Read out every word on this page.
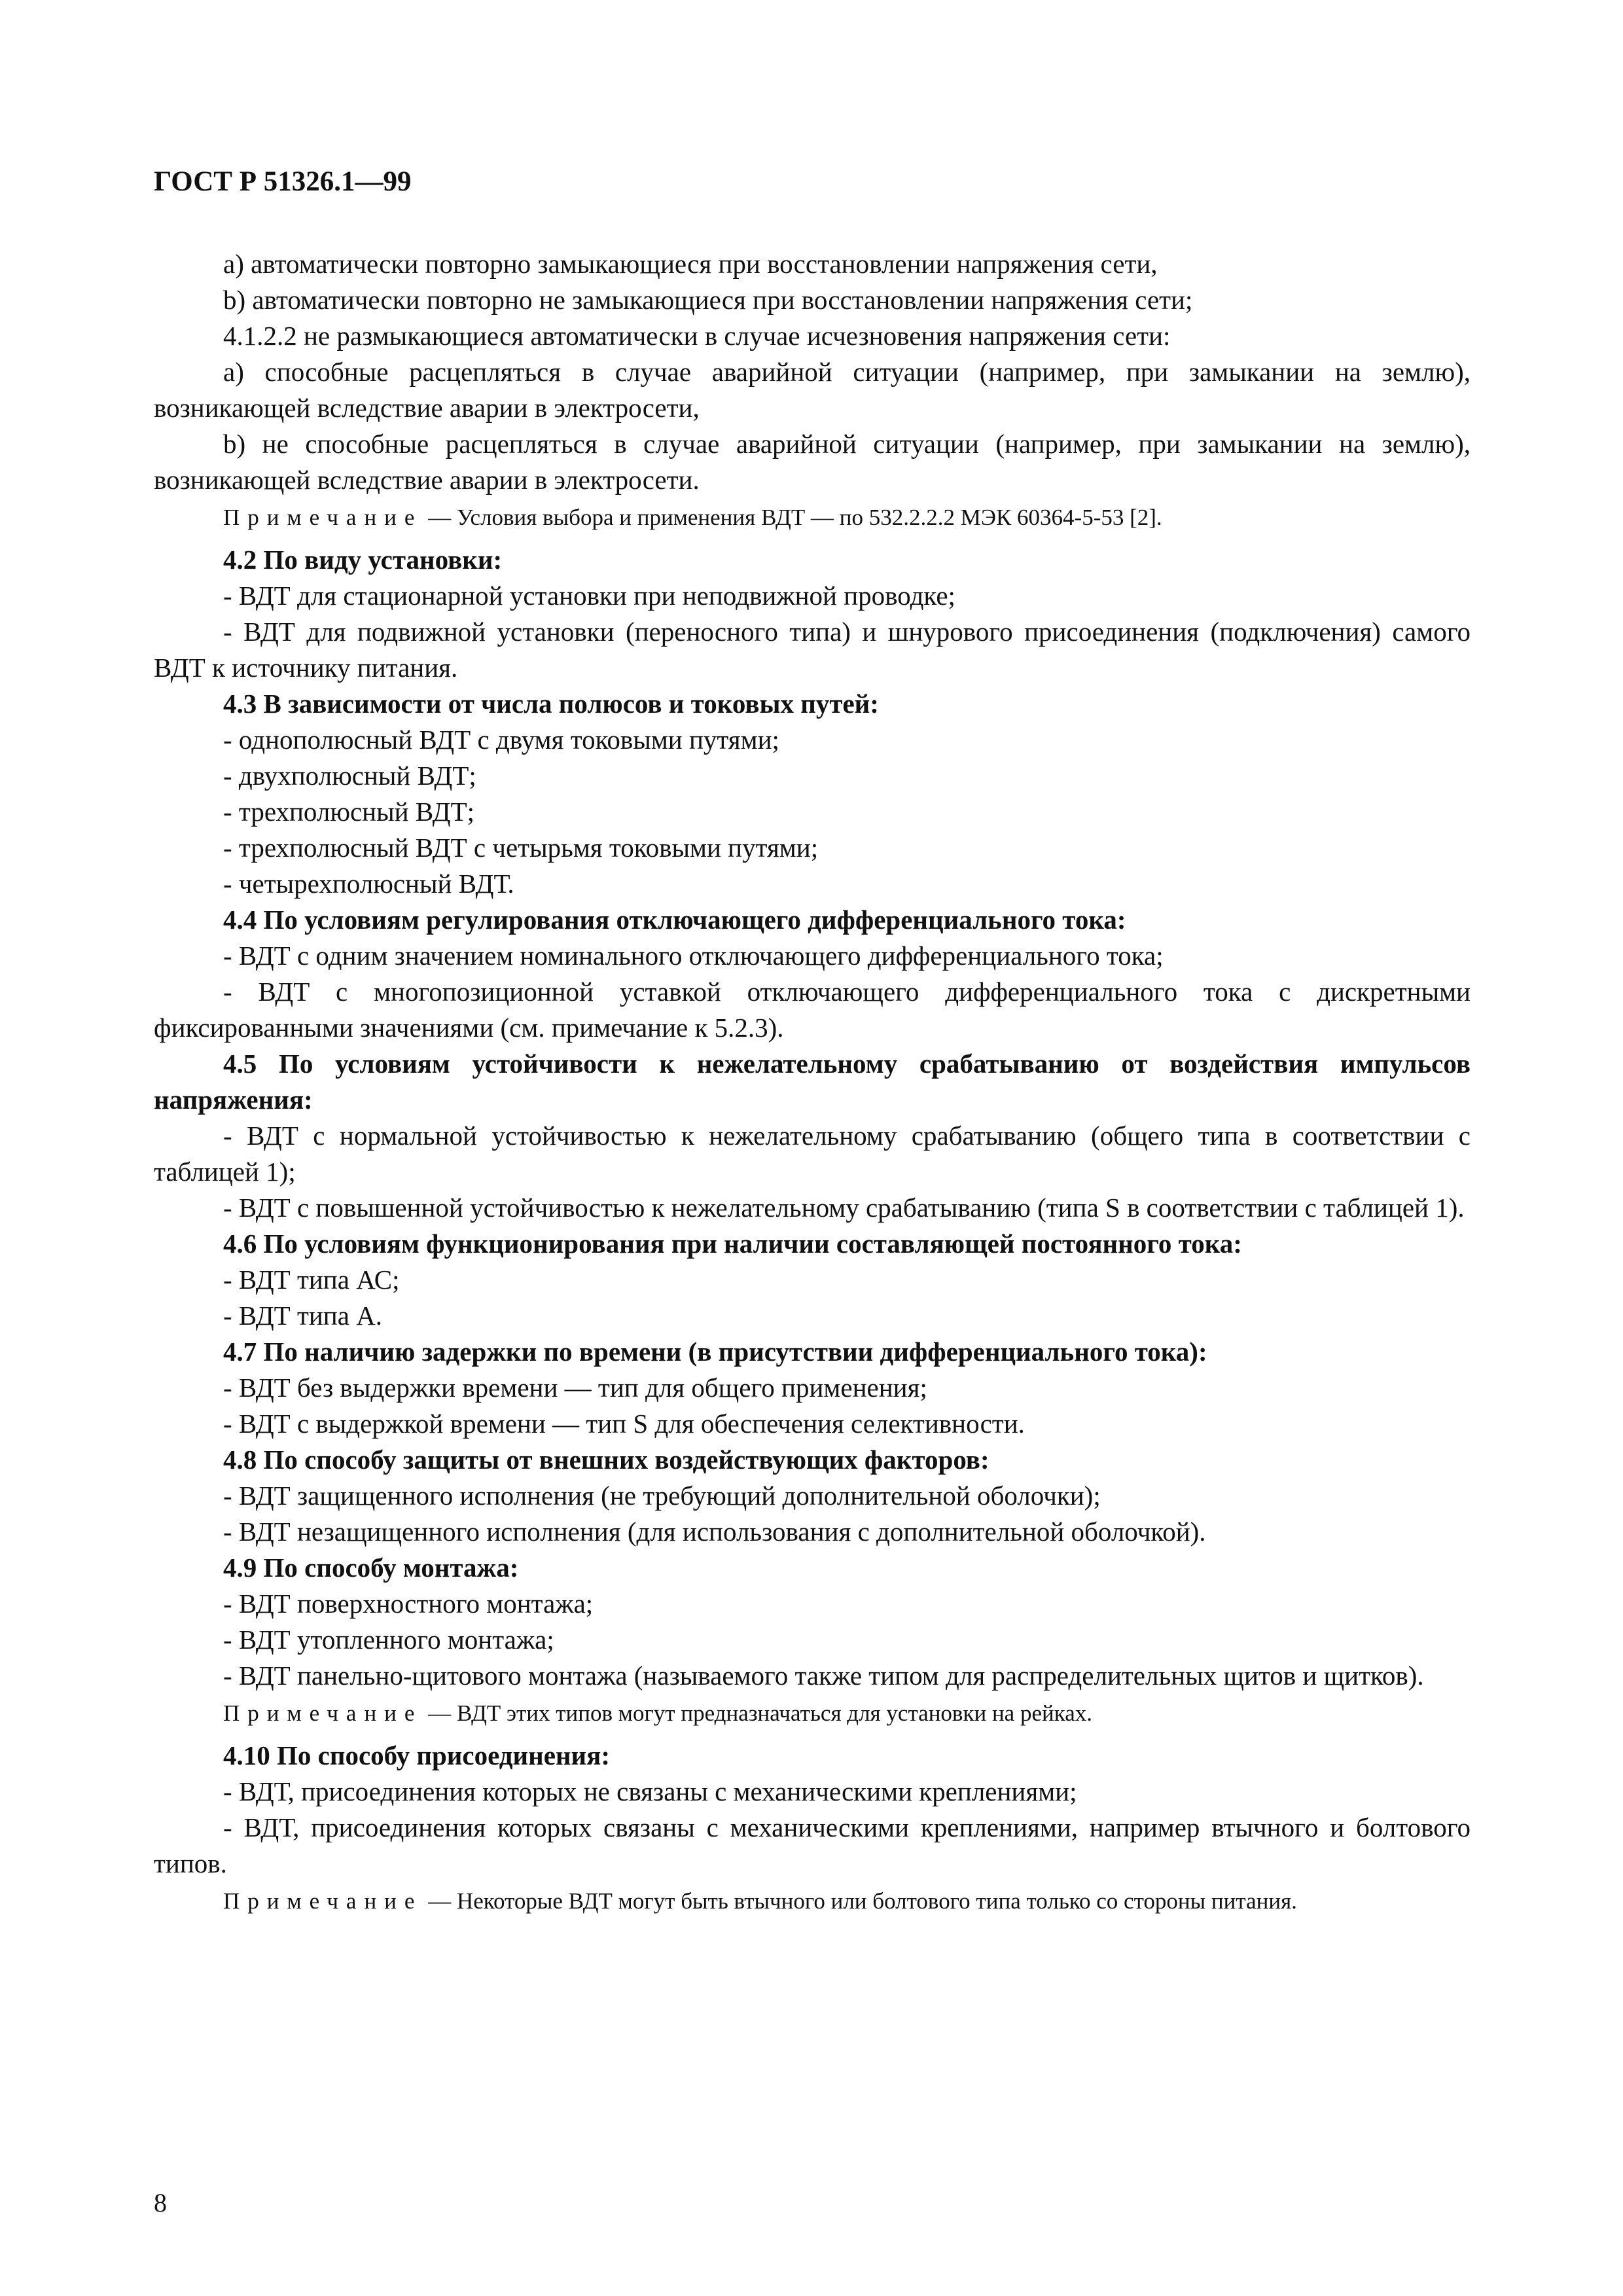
ГОСТ Р 51326.1—99

a) автоматически повторно замыкающиеся при восстановлении напряжения сети,

b) автоматически повторно не замыкающиеся при восстановлении напряжения сети;

4.1.2.2 не размыкающиеся автоматически в случае исчезновения напряжения сети:

a) способные расцепляться в случае аварийной ситуации (например, при замыкании на землю), возникающей вследствие аварии в электросети,

b) не способные расцепляться в случае аварийной ситуации (например, при замыкании на землю), возникающей вследствие аварии в электросети.

Примечание — Условия выбора и применения ВДТ — по 532.2.2.2 МЭК 60364-5-53 [2].

4.2 По виду установки:

- ВДТ для стационарной установки при неподвижной проводке;

- ВДТ для подвижной установки (переносного типа) и шнурового присоединения (подключения) самого ВДТ к источнику питания.

4.3 В зависимости от числа полюсов и токовых путей:

- однополюсный ВДТ с двумя токовыми путями;

- двухполюсный ВДТ;

- трехполюсный ВДТ;

- трехполюсный ВДТ с четырьмя токовыми путями;

- четырехполюсный ВДТ.

4.4 По условиям регулирования отключающего дифференциального тока:

- ВДТ с одним значением номинального отключающего дифференциального тока;

- ВДТ с многопозиционной уставкой отключающего дифференциального тока с дискретными фиксированными значениями (см. примечание к 5.2.3).

4.5 По условиям устойчивости к нежелательному срабатыванию от воздействия импульсов напряжения:

- ВДТ с нормальной устойчивостью к нежелательному срабатыванию (общего типа в соответствии с таблицей 1);

- ВДТ с повышенной устойчивостью к нежелательному срабатыванию (типа S в соответствии с таблицей 1).

4.6 По условиям функционирования при наличии составляющей постоянного тока:

- ВДТ типа АС;

- ВДТ типа А.

4.7 По наличию задержки по времени (в присутствии дифференциального тока):

- ВДТ без выдержки времени — тип для общего применения;

- ВДТ с выдержкой времени — тип S для обеспечения селективности.

4.8 По способу защиты от внешних воздействующих факторов:

- ВДТ защищенного исполнения (не требующий дополнительной оболочки);

- ВДТ незащищенного исполнения (для использования с дополнительной оболочкой).

4.9 По способу монтажа:

- ВДТ поверхностного монтажа;

- ВДТ утопленного монтажа;

- ВДТ панельно-щитового монтажа (называемого также типом для распределительных щитов и щитков).

Примечание — ВДТ этих типов могут предназначаться для установки на рейках.

4.10 По способу присоединения:

- ВДТ, присоединения которых не связаны с механическими креплениями;

- ВДТ, присоединения которых связаны с механическими креплениями, например втычного и болтового типов.

Примечание — Некоторые ВДТ могут быть втычного или болтового типа только со стороны питания.

8
